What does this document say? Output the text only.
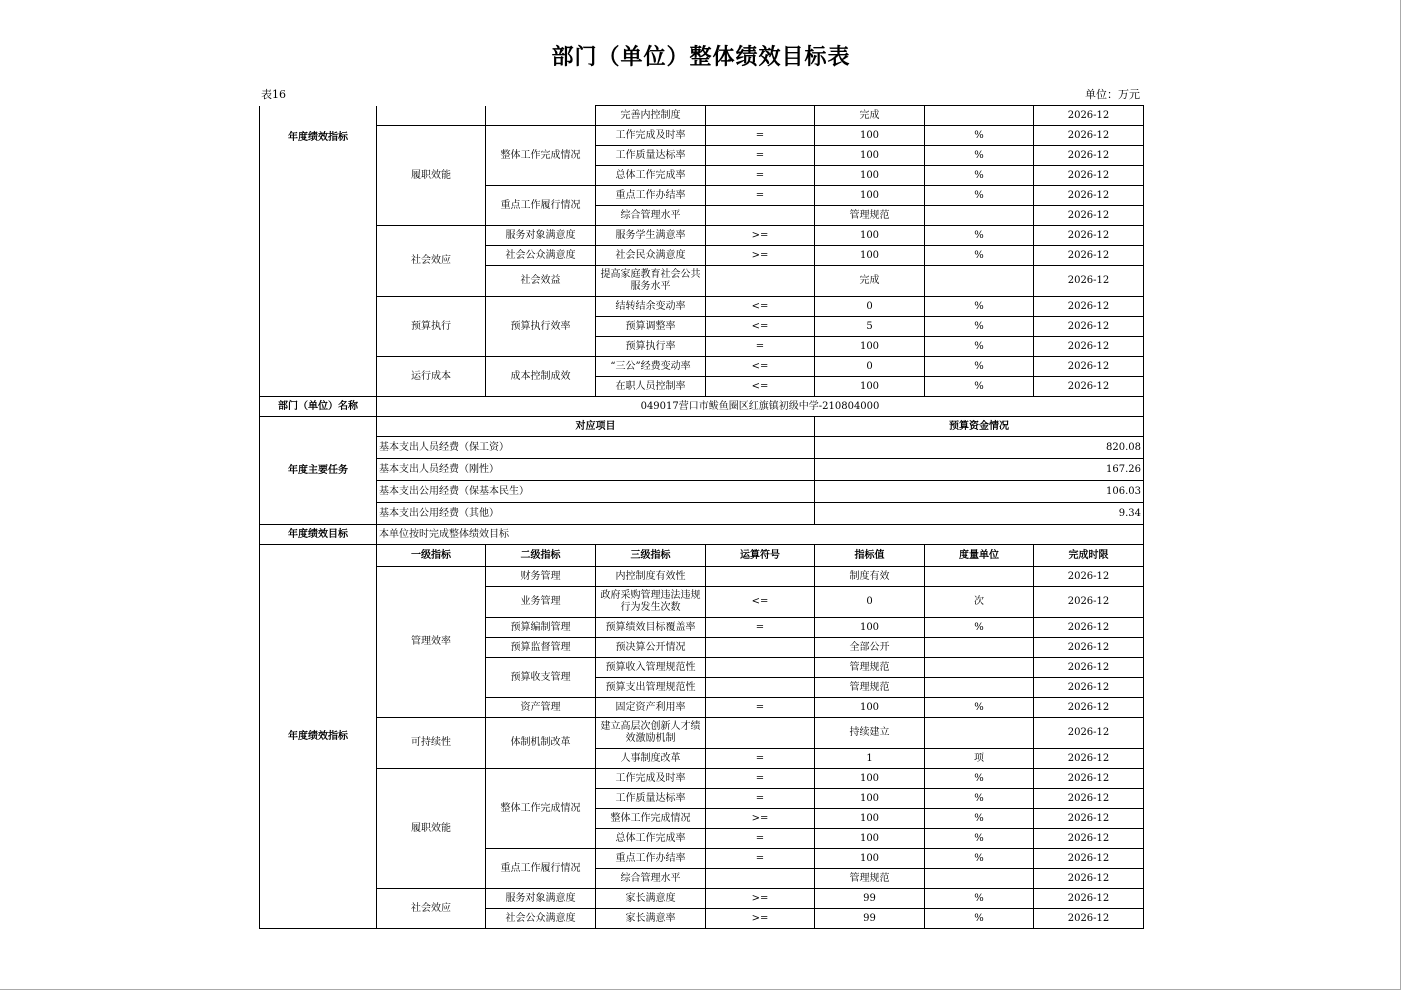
部门（单位）整体绩效目标表
表16	单位：万元
年度绩效指标			完善内控制度		完成		2026-12
	履职效能	整体工作完成情况	工作完成及时率	=	100	%	2026-12
			工作质量达标率	=	100	%	2026-12
			总体工作完成率	=	100	%	2026-12
		重点工作履行情况	重点工作办结率	=	100	%	2026-12
			综合管理水平		管理规范		2026-12
	社会效应	服务对象满意度	服务学生满意率	>=	100	%	2026-12
		社会公众满意度	社会民众满意度	>=	100	%	2026-12
		社会效益	提高家庭教育社会公共服务水平		完成		2026-12
	预算执行	预算执行效率	结转结余变动率	<=	0	%	2026-12
			预算调整率	<=	5	%	2026-12
			预算执行率	=	100	%	2026-12
	运行成本	成本控制成效	“三公”经费变动率	<=	0	%	2026-12
			在职人员控制率	<=	100	%	2026-12
部门（单位）名称	049017营口市鲅鱼圈区红旗镇初级中学-210804000						
年度主要任务	对应项目				预算资金情况		
	基本支出人员经费（保工资）				820.08		
	基本支出人员经费（刚性）				167.26		
	基本支出公用经费（保基本民生）				106.03		
	基本支出公用经费（其他）				9.34		
年度绩效目标	本单位按时完成整体绩效目标						
年度绩效指标	一级指标	二级指标	三级指标	运算符号	指标值	度量单位	完成时限
	管理效率	财务管理	内控制度有效性		制度有效		2026-12
		业务管理	政府采购管理违法违规行为发生次数	<=	0	次	2026-12
		预算编制管理	预算绩效目标覆盖率	=	100	%	2026-12
		预算监督管理	预决算公开情况		全部公开		2026-12
		预算收支管理	预算收入管理规范性		管理规范		2026-12
			预算支出管理规范性		管理规范		2026-12
		资产管理	固定资产利用率	=	100	%	2026-12
	可持续性	体制机制改革	建立高层次创新人才绩效激励机制		持续建立		2026-12
			人事制度改革	=	1	项	2026-12
	履职效能	整体工作完成情况	工作完成及时率	=	100	%	2026-12
			工作质量达标率	=	100	%	2026-12
			整体工作完成情况	>=	100	%	2026-12
			总体工作完成率	=	100	%	2026-12
		重点工作履行情况	重点工作办结率	=	100	%	2026-12
			综合管理水平		管理规范		2026-12
	社会效应	服务对象满意度	家长满意度	>=	99	%	2026-12
		社会公众满意度	家长满意率	>=	99	%	2026-12
